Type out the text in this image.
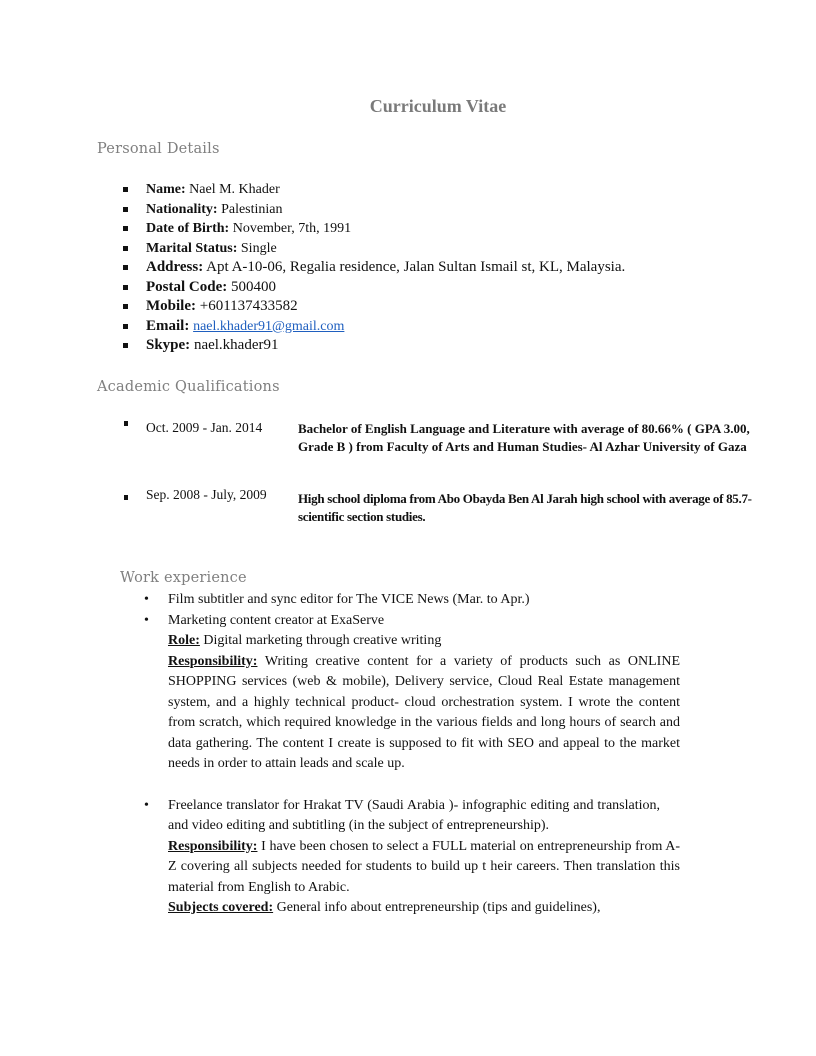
Curriculum Vitae
Personal Details
Name: Nael M. Khader
Nationality: Palestinian
Date of Birth: November, 7th, 1991
Marital Status: Single
Address: Apt A-10-06, Regalia residence, Jalan Sultan Ismail st, KL, Malaysia.
Postal Code: 500400
Mobile: +601137433582
Email: nael.khader91@gmail.com
Skype: nael.khader91
Academic Qualifications
Oct. 2009 - Jan. 2014	Bachelor of English Language and Literature with average of 80.66% ( GPA 3.00, Grade B ) from Faculty of Arts and Human Studies- Al Azhar University of Gaza
Sep. 2008 - July, 2009 High school diploma from Abo Obayda Ben Al Jarah high school with average of 85.7- scientific section studies.
Work experience
• Film subtitler and sync editor for The VICE News (Mar. to Apr.)
• Marketing content creator at ExaServe
Role: Digital marketing through creative writing
Responsibility: Writing creative content for a variety of products such as ONLINE SHOPPING services (web & mobile), Delivery service, Cloud Real Estate management system, and a highly technical product- cloud orchestration system. I wrote the content from scratch, which required knowledge in the various fields and long hours of search and data gathering. The content I create is supposed to fit with SEO and appeal to the market needs in order to attain leads and scale up.
• Freelance translator for Hrakat TV (Saudi Arabia )- infographic editing and translation, and video editing and subtitling (in the subject of entrepreneurship).
Responsibility: I have been chosen to select a FULL material on entrepreneurship from A-Z covering all subjects needed for students to build up t heir careers. Then translation this material from English to Arabic.
Subjects covered: General info about entrepreneurship (tips and guidelines),
